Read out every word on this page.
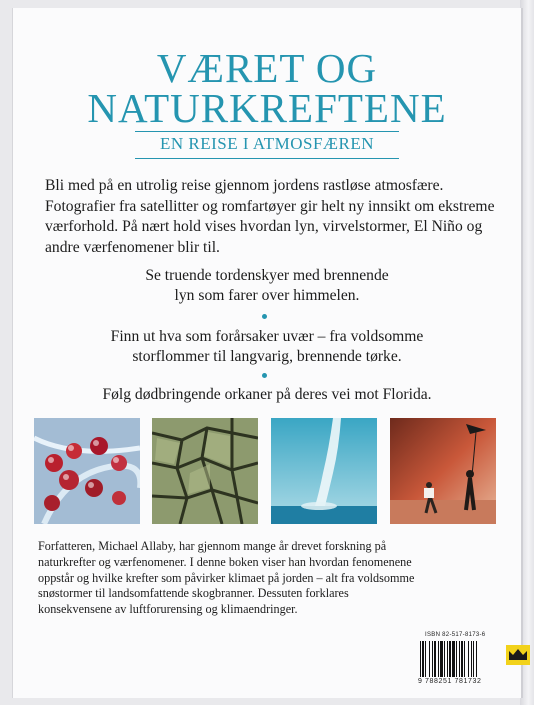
VÆRET OG
NATURKREFTENE
EN REISE I ATMOSFÆREN
Bli med på en utrolig reise gjennom jordens rastløse atmosfære. Fotografier fra satellitter og romfartøyer gir helt ny innsikt om ekstreme værforhold. På nært hold vises hvordan lyn, virvelstormer, El Niño og andre værfenomener blir til.
Se truende tordenskyer med brennende
lyn som farer over himmelen.
Finn ut hva som forårsaker uvær – fra voldsomme
storflommer til langvarig, brennende tørke.
Følg dødbringende orkaner på deres vei mot Florida.
Forfatteren, Michael Allaby, har gjennom mange år drevet forskning på
naturkrefter og værfenomener. I denne boken viser han hvordan fenomenene
oppstår og hvilke krefter som påvirker klimaet på jorden – alt fra voldsomme
snøstormer til landsomfattende skogbranner. Dessuten forklares
konsekvensene av luftforurensing og klimaendringer.
ISBN 82-517-8173-6
9 788251 781732
